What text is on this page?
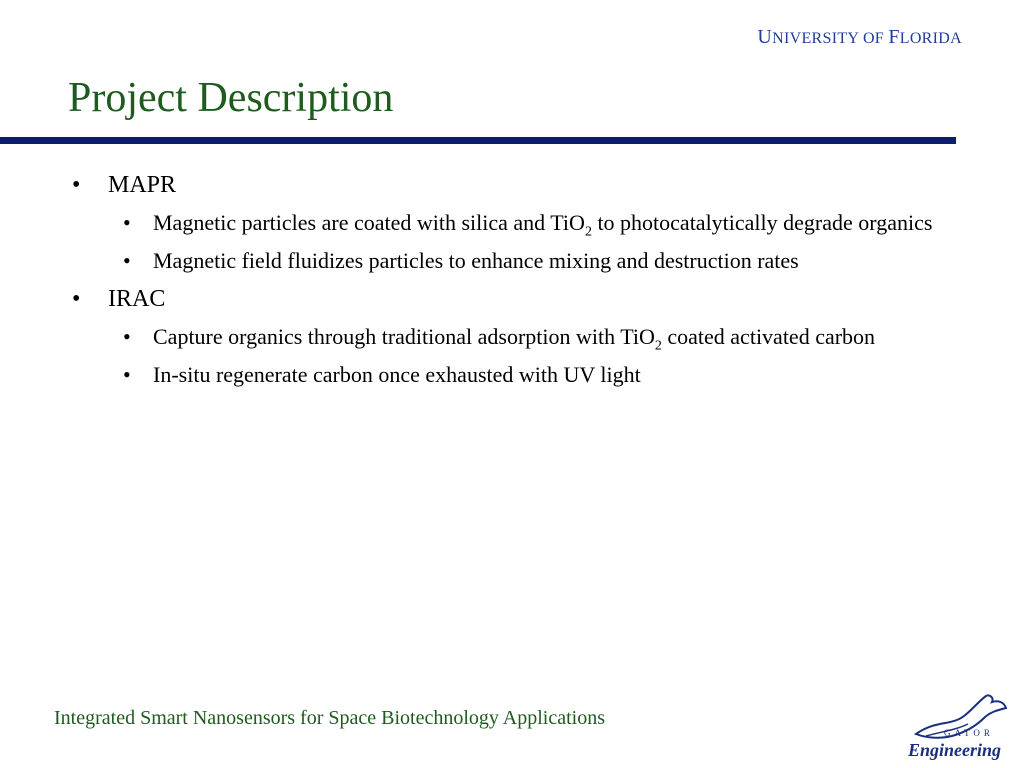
UNIVERSITY OF FLORIDA
Project Description
• MAPR
• Magnetic particles are coated with silica and TiO$_2$ to photocatalytically degrade organics
• Magnetic field fluidizes particles to enhance mixing and destruction rates
• IRAC
• Capture organics through traditional adsorption with TiO$_2$ coated activated carbon
• In-situ regenerate carbon once exhausted with UV light
Integrated Smart Nanosensors for Space Biotechnology Applications
GATOR
Engineering
